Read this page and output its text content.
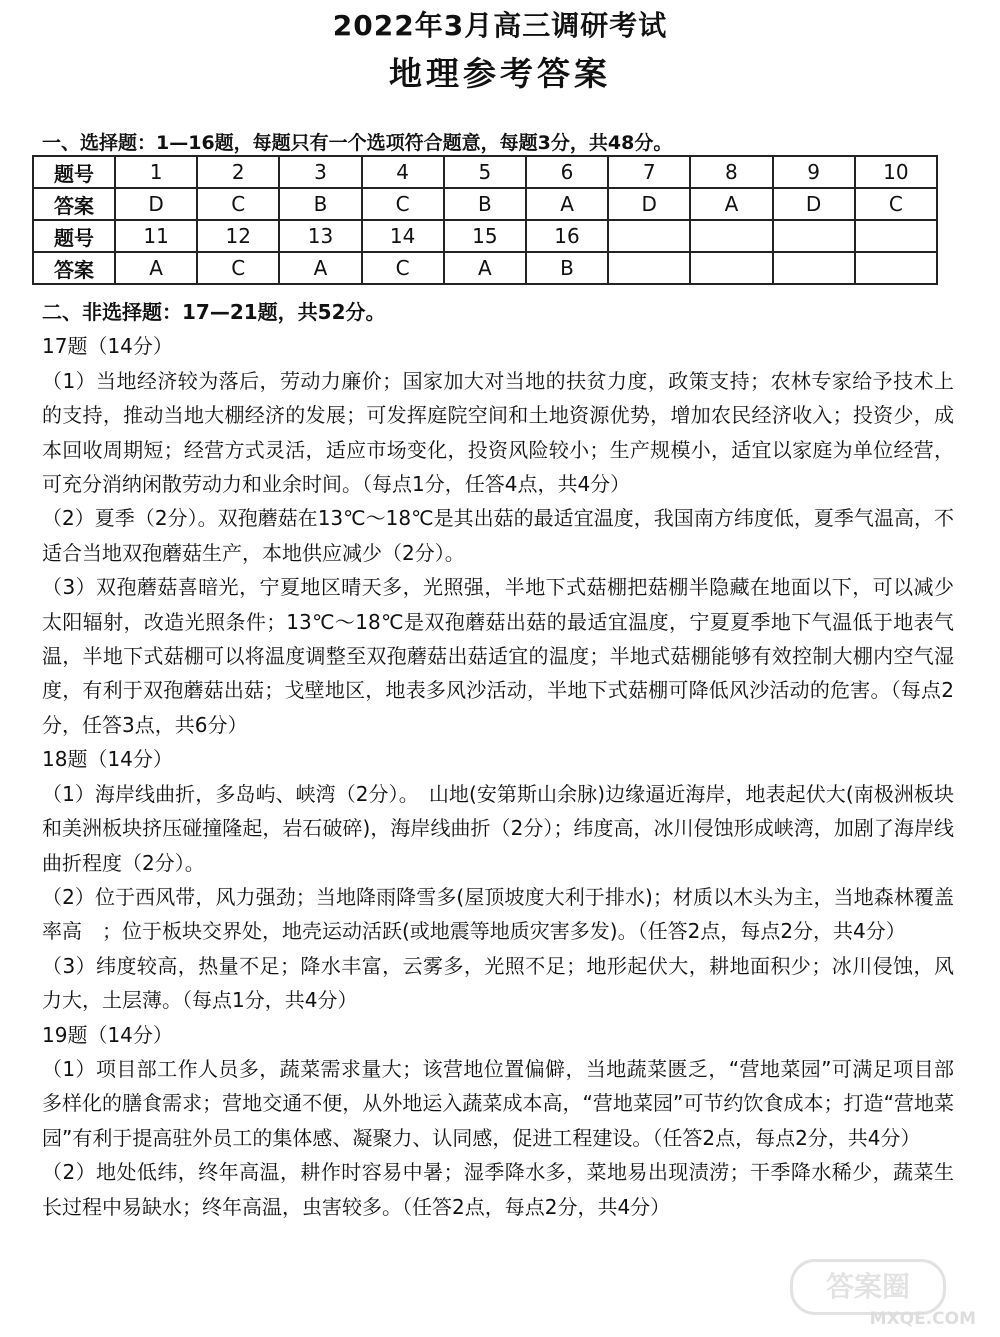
2022年3月高三调研考试
地理参考答案
一、选择题：1—16题，每题只有一个选项符合题意，每题3分，共48分。
题号	1	2	3	4	5	6	7	8	9	10
答案	D	C	B	C	B	A	D	A	D	C
题号	11	12	13	14	15	16				
答案	A	C	A	C	A	B				

二、非选择题：17—21题，共52分。

17题（14分）

（1）当地经济较为落后，劳动力廉价；国家加大对当地的扶贫力度，政策支持；农林专家给予技术上的支持，推动当地大棚经济的发展；可发挥庭院空间和土地资源优势，增加农民经济收入；投资少，成本回收周期短；经营方式灵活，适应市场变化，投资风险较小；生产规模小，适宜以家庭为单位经营，可充分消纳闲散劳动力和业余时间。（每点1分，任答4点，共4分）

（2）夏季（2分）。双孢蘑菇在13℃～18℃是其出菇的最适宜温度，我国南方纬度低，夏季气温高，不适合当地双孢蘑菇生产，本地供应减少（2分）。

（3）双孢蘑菇喜暗光，宁夏地区晴天多，光照强，半地下式菇棚把菇棚半隐藏在地面以下，可以减少太阳辐射，改造光照条件；13℃～18℃是双孢蘑菇出菇的最适宜温度，宁夏夏季地下气温低于地表气温，半地下式菇棚可以将温度调整至双孢蘑菇出菇适宜的温度；半地式菇棚能够有效控制大棚内空气湿度，有利于双孢蘑菇出菇；戈壁地区，地表多风沙活动，半地下式菇棚可降低风沙活动的危害。（每点2分，任答3点，共6分）

18题（14分）

（1）海岸线曲折，多岛屿、峡湾（2分）。　山地(安第斯山余脉)边缘逼近海岸，地表起伏大(南极洲板块和美洲板块挤压碰撞隆起，岩石破碎)，海岸线曲折（2分）；纬度高，冰川侵蚀形成峡湾，加剧了海岸线曲折程度（2分）。

（2）位于西风带，风力强劲；当地降雨降雪多(屋顶坡度大利于排水)；材质以木头为主，当地森林覆盖率高　；位于板块交界处，地壳运动活跃(或地震等地质灾害多发)。（任答2点，每点2分，共4分）

（3）纬度较高，热量不足；降水丰富，云雾多，光照不足；地形起伏大，耕地面积少；冰川侵蚀，风力大，土层薄。（每点1分，共4分）

19题（14分）

（1）项目部工作人员多，蔬菜需求量大；该营地位置偏僻，当地蔬菜匮乏，“营地菜园”可满足项目部多样化的膳食需求；营地交通不便，从外地运入蔬菜成本高，“营地菜园”可节约饮食成本；打造“营地菜园”有利于提高驻外员工的集体感、凝聚力、认同感，促进工程建设。（任答2点，每点2分，共4分）

（2）地处低纬，终年高温，耕作时容易中暑；湿季降水多，菜地易出现渍涝；干季降水稀少，蔬菜生长过程中易缺水；终年高温，虫害较多。（任答2点，每点2分，共4分）

答案圈
MXQE.COM
